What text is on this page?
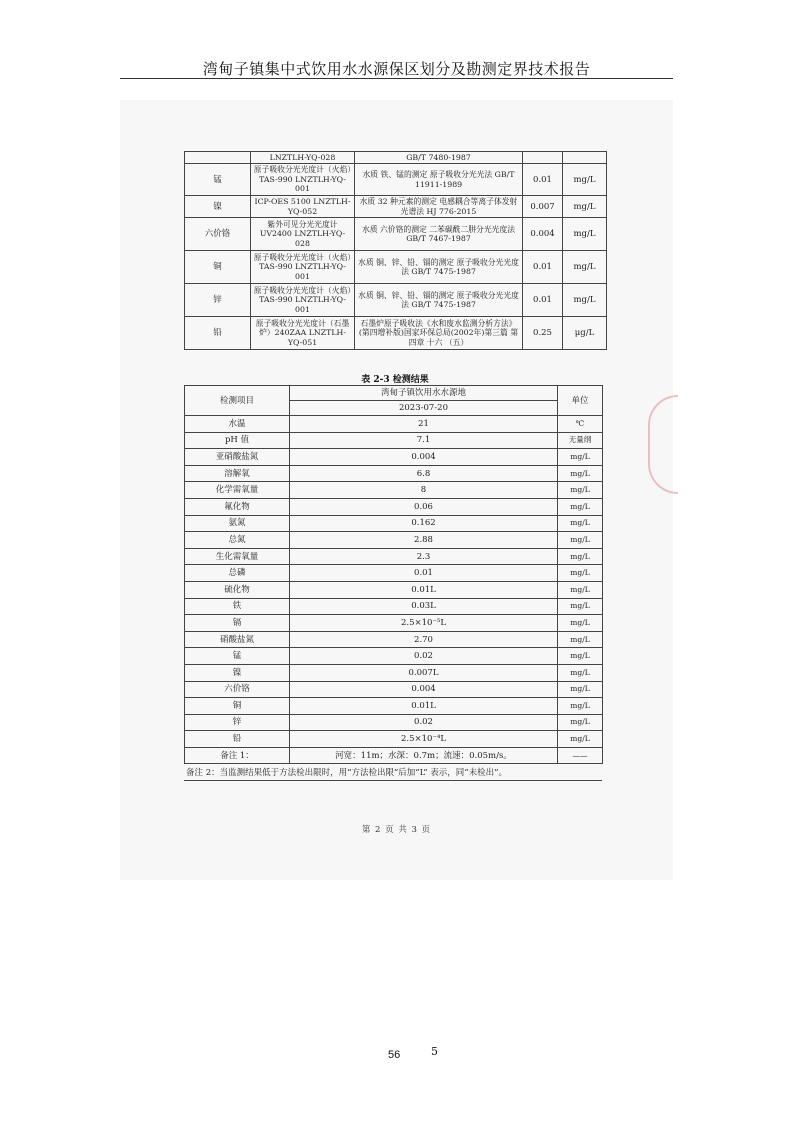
湾甸子镇集中式饮用水水源保区划分及勘测定界技术报告
	LNZTLH-YQ-028	GB/T 7480-1987		
锰	原子吸收分光光度计（火焰）TAS-990 LNZTLH-YQ-001	水质 铁、锰的测定 原子吸收分光光法 GB/T 11911-1989	0.01	mg/L
镍	ICP-OES 5100 LNZTLH-YQ-052	水质 32 种元素的测定 电感耦合等离子体发射光谱法 HJ 776-2015	0.007	mg/L
六价铬	紫外可见分光光度计 UV2400 LNZTLH-YQ-028	水质 六价铬的测定 二苯碳酰二肼分光光度法 GB/T 7467-1987	0.004	mg/L
铜	原子吸收分光光度计（火焰）TAS-990 LNZTLH-YQ-001	水质 铜、锌、铅、镉的测定 原子吸收分光光度法 GB/T 7475-1987	0.01	mg/L
锌	原子吸收分光光度计（火焰）TAS-990 LNZTLH-YQ-001	水质 铜、锌、铅、镉的测定 原子吸收分光光度法 GB/T 7475-1987	0.01	mg/L
铅	原子吸收分光光度计（石墨炉）240ZAA LNZTLH-YQ-051	石墨炉原子吸收法《水和废水监测分析方法》(第四增补版)国家环保总局(2002年)第三篇 第四章 十六 （五）	0.25	μg/L
表 2-3 检测结果
检测项目	湾甸子镇饮用水水源地	单位
	2023-07-20	
水温	21	℃
pH 值	7.1	无量纲
亚硝酸盐氮	0.004	mg/L
溶解氧	6.8	mg/L
化学需氧量	8	mg/L
氟化物	0.06	mg/L
氨氮	0.162	mg/L
总氮	2.88	mg/L
生化需氧量	2.3	mg/L
总磷	0.01	mg/L
硫化物	0.01L	mg/L
铁	0.03L	mg/L
镉	2.5×10⁻⁵L	mg/L
硝酸盐氮	2.70	mg/L
锰	0.02	mg/L
镍	0.007L	mg/L
六价铬	0.004	mg/L
铜	0.01L	mg/L
锌	0.02	mg/L
铅	2.5×10⁻⁴L	mg/L
备注 1：	河宽：11m；水深：0.7m；流速：0.05m/s。	——
备注 2：当监测结果低于方法检出限时，用“方法检出限”后加“L” 表示，同“未检出”。
第 2 页 共 3 页
56	5
